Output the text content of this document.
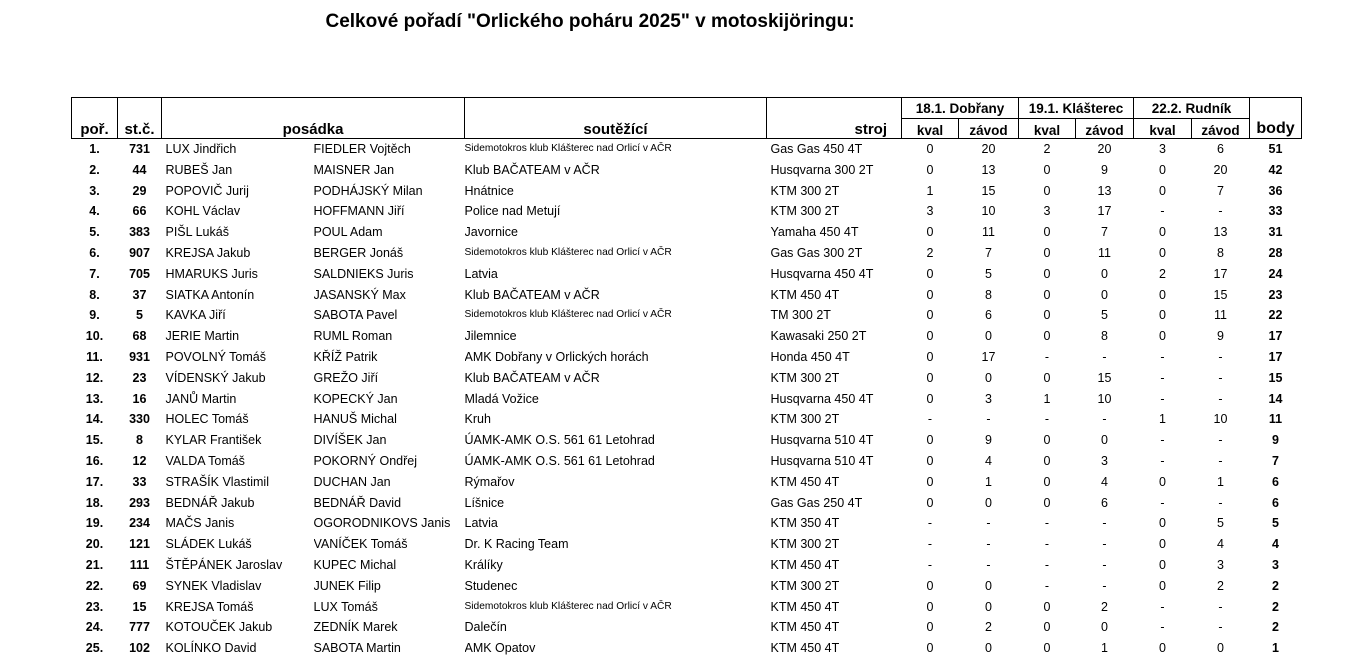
Celkové pořadí "Orlického poháru 2025" v motoskijöringu:
poř.	st.č.	posádka		soutěžící	stroj	18.1. Dobřany		19.1. Klášterec		22.2. Rudník		body
						kval	závod	kval	závod	kval	závod	

1.	731	LUX Jindřich	FIEDLER Vojtěch	Sidemotokros klub Klášterec nad Orlicí v AČR	Gas Gas 450 4T	0	20	2	20	3	6	51
2.	44	RUBEŠ Jan	MAISNER Jan	Klub BAČATEAM v AČR	Husqvarna 300 2T	0	13	0	9	0	20	42
3.	29	POPOVIČ Jurij	PODHÁJSKÝ Milan	Hnátnice	KTM 300 2T	1	15	0	13	0	7	36
4.	66	KOHL Václav	HOFFMANN Jiří	Police nad Metují	KTM 300 2T	3	10	3	17	-	-	33
5.	383	PIŠL Lukáš	POUL Adam	Javornice	Yamaha 450 4T	0	11	0	7	0	13	31
6.	907	KREJSA Jakub	BERGER Jonáš	Sidemotokros klub Klášterec nad Orlicí v AČR	Gas Gas 300 2T	2	7	0	11	0	8	28
7.	705	HMARUKS Juris	SALDNIEKS Juris	Latvia	Husqvarna 450 4T	0	5	0	0	2	17	24
8.	37	SIATKA Antonín	JASANSKÝ Max	Klub BAČATEAM v AČR	KTM 450 4T	0	8	0	0	0	15	23
9.	5	KAVKA Jiří	SABOTA Pavel	Sidemotokros klub Klášterec nad Orlicí v AČR	TM 300 2T	0	6	0	5	0	11	22
10.	68	JERIE Martin	RUML Roman	Jilemnice	Kawasaki 250 2T	0	0	0	8	0	9	17
11.	931	POVOLNÝ Tomáš	KŘÍŽ Patrik	AMK Dobřany v Orlických horách	Honda 450 4T	0	17	-	-	-	-	17
12.	23	VÍDENSKÝ Jakub	GREŽO Jiří	Klub BAČATEAM v AČR	KTM 300 2T	0	0	0	15	-	-	15
13.	16	JANŮ Martin	KOPECKÝ Jan	Mladá Vožice	Husqvarna 450 4T	0	3	1	10	-	-	14
14.	330	HOLEC Tomáš	HANUŠ Michal	Kruh	KTM 300 2T	-	-	-	-	1	10	11
15.	8	KYLAR František	DIVÍŠEK Jan	ÚAMK-AMK O.S. 561 61 Letohrad	Husqvarna 510 4T	0	9	0	0	-	-	9
16.	12	VALDA Tomáš	POKORNÝ Ondřej	ÚAMK-AMK O.S. 561 61 Letohrad	Husqvarna 510 4T	0	4	0	3	-	-	7
17.	33	STRAŠÍK Vlastimil	DUCHAN Jan	Rýmařov	KTM 450 4T	0	1	0	4	0	1	6
18.	293	BEDNÁŘ Jakub	BEDNÁŘ David	Líšnice	Gas Gas 250 4T	0	0	0	6	-	-	6
19.	234	MAČS Janis	OGORODNIKOVS Janis	Latvia	KTM 350 4T	-	-	-	-	0	5	5
20.	121	SLÁDEK Lukáš	VANÍČEK Tomáš	Dr. K Racing Team	KTM 300 2T	-	-	-	-	0	4	4
21.	111	ŠTĚPÁNEK Jaroslav	KUPEC Michal	Králíky	KTM 450 4T	-	-	-	-	0	3	3
22.	69	SYNEK Vladislav	JUNEK Filip	Studenec	KTM 300 2T	0	0	-	-	0	2	2
23.	15	KREJSA Tomáš	LUX Tomáš	Sidemotokros klub Klášterec nad Orlicí v AČR	KTM 450 4T	0	0	0	2	-	-	2
24.	777	KOTOUČEK Jakub	ZEDNÍK Marek	Dalečín	KTM 450 4T	0	2	0	0	-	-	2
25.	102	KOLÍNKO David	SABOTA Martin	AMK Opatov	KTM 450 4T	0	0	0	1	0	0	1
